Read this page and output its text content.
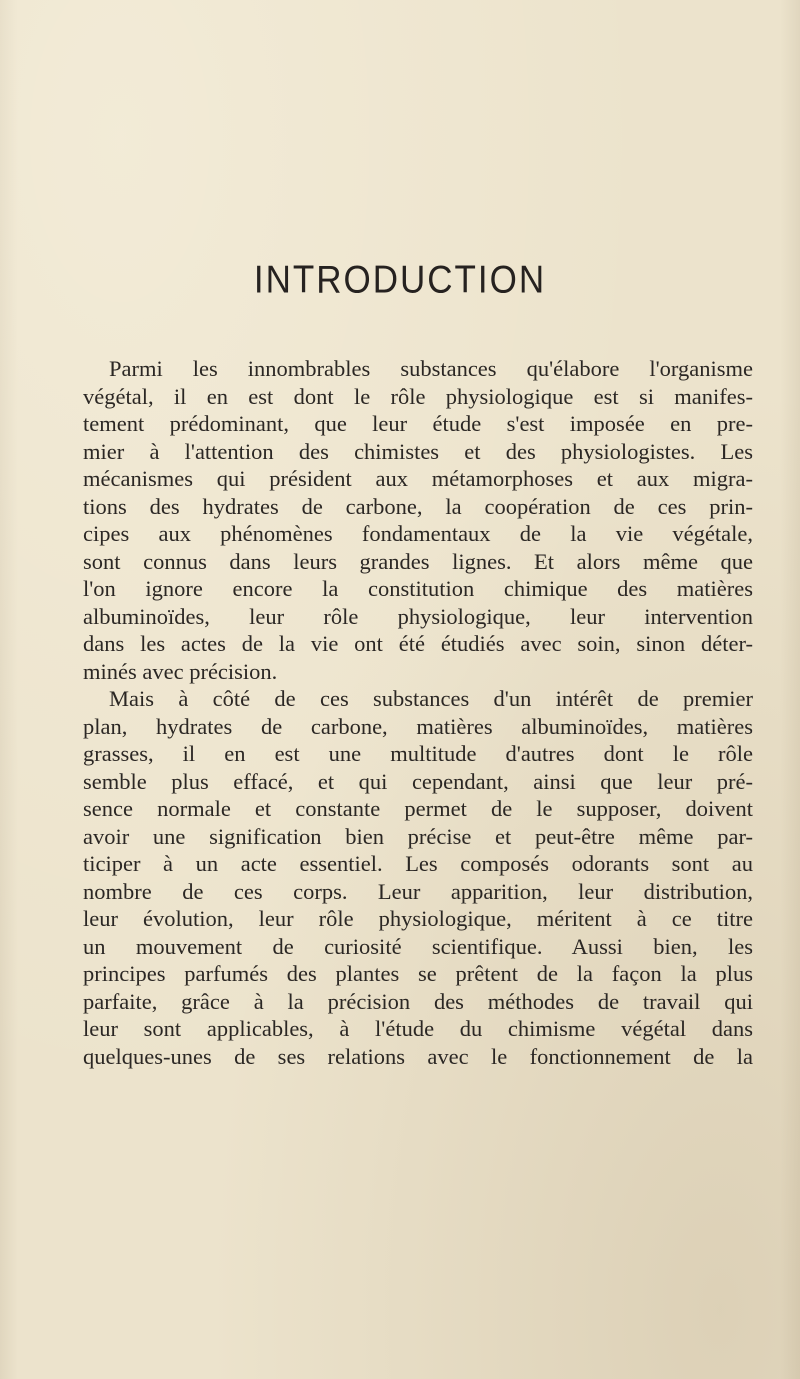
INTRODUCTION
Parmi les innombrables substances qu'élabore l'organisme
végétal, il en est dont le rôle physiologique est si manifes-
tement prédominant, que leur étude s'est imposée en pre-
mier à l'attention des chimistes et des physiologistes. Les
mécanismes qui président aux métamorphoses et aux migra-
tions des hydrates de carbone, la coopération de ces prin-
cipes aux phénomènes fondamentaux de la vie végétale,
sont connus dans leurs grandes lignes. Et alors même que
l'on ignore encore la constitution chimique des matières
albuminoïdes, leur rôle physiologique, leur intervention
dans les actes de la vie ont été étudiés avec soin, sinon déter-
minés avec précision.
Mais à côté de ces substances d'un intérêt de premier
plan, hydrates de carbone, matières albuminoïdes, matières
grasses, il en est une multitude d'autres dont le rôle
semble plus effacé, et qui cependant, ainsi que leur pré-
sence normale et constante permet de le supposer, doivent
avoir une signification bien précise et peut-être même par-
ticiper à un acte essentiel. Les composés odorants sont au
nombre de ces corps. Leur apparition, leur distribution,
leur évolution, leur rôle physiologique, méritent à ce titre
un mouvement de curiosité scientifique. Aussi bien, les
principes parfumés des plantes se prêtent de la façon la plus
parfaite, grâce à la précision des méthodes de travail qui
leur sont applicables, à l'étude du chimisme végétal dans
quelques-unes de ses relations avec le fonctionnement de la
